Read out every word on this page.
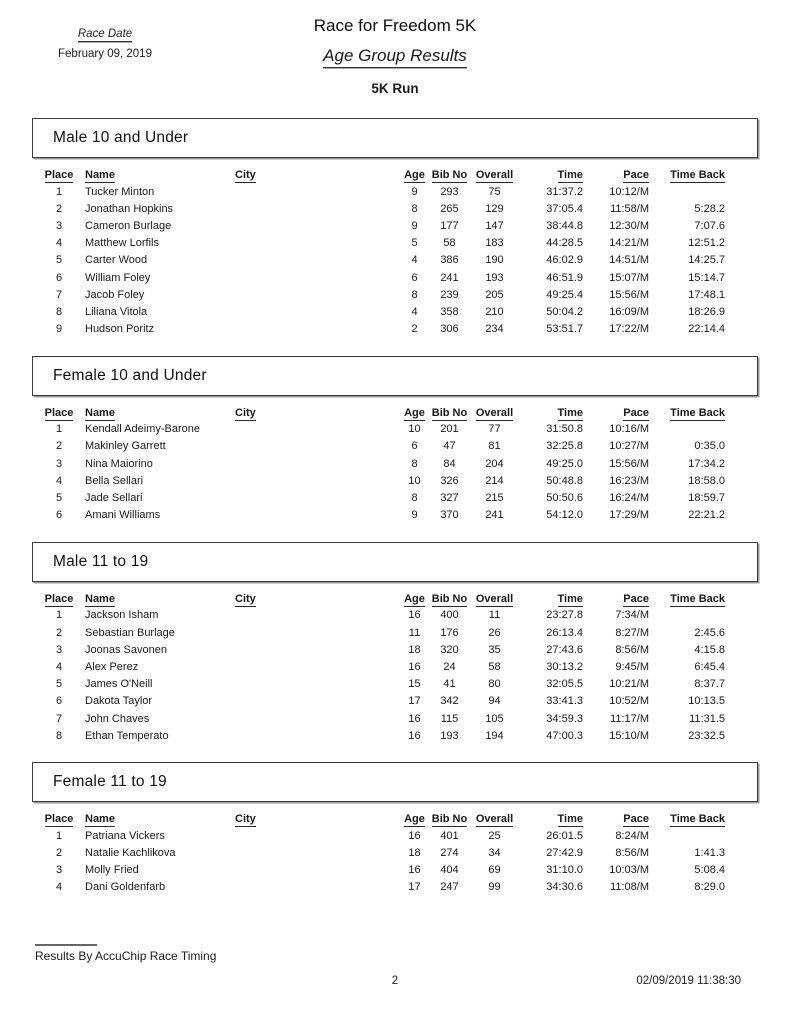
Race Date
February 09, 2019
Race for Freedom 5K
Age Group Results
5K Run
Male 10 and Under
Place	Name	City	Age	Bib No	Overall	Time	Pace	Time Back
1	Tucker Minton		9	293	75	31:37.2	10:12/M	
2	Jonathan Hopkins		8	265	129	37:05.4	11:58/M	5:28.2
3	Cameron Burlage		9	177	147	38:44.8	12:30/M	7:07.6
4	Matthew Lorfils		5	58	183	44:28.5	14:21/M	12:51.2
5	Carter Wood		4	386	190	46:02.9	14:51/M	14:25.7
6	William Foley		6	241	193	46:51.9	15:07/M	15:14.7
7	Jacob Foley		8	239	205	49:25.4	15:56/M	17:48.1
8	Liliana Vitola		4	358	210	50:04.2	16:09/M	18:26.9
9	Hudson Poritz		2	306	234	53:51.7	17:22/M	22:14.4
Female 10 and Under
Place	Name	City	Age	Bib No	Overall	Time	Pace	Time Back
1	Kendall Adeimy-Barone		10	201	77	31:50.8	10:16/M	
2	Makinley Garrett		6	47	81	32:25.8	10:27/M	0:35.0
3	Nina Maiorino		8	84	204	49:25.0	15:56/M	17:34.2
4	Bella Sellari		10	326	214	50:48.8	16:23/M	18:58.0
5	Jade Sellari		8	327	215	50:50.6	16:24/M	18:59.7
6	Amani Williams		9	370	241	54:12.0	17:29/M	22:21.2
Male 11 to 19
Place	Name	City	Age	Bib No	Overall	Time	Pace	Time Back
1	Jackson Isham		16	400	11	23:27.8	7:34/M	
2	Sebastian Burlage		11	176	26	26:13.4	8:27/M	2:45.6
3	Joonas Savonen		18	320	35	27:43.6	8:56/M	4:15.8
4	Alex Perez		16	24	58	30:13.2	9:45/M	6:45.4
5	James O'Neill		15	41	80	32:05.5	10:21/M	8:37.7
6	Dakota Taylor		17	342	94	33:41.3	10:52/M	10:13.5
7	John Chaves		16	115	105	34:59.3	11:17/M	11:31.5
8	Ethan Temperato		16	193	194	47:00.3	15:10/M	23:32.5
Female 11 to 19
Place	Name	City	Age	Bib No	Overall	Time	Pace	Time Back
1	Patriana Vickers		16	401	25	26:01.5	8:24/M	
2	Natalie Kachlikova		18	274	34	27:42.9	8:56/M	1:41.3
3	Molly Fried		16	404	69	31:10.0	10:03/M	5:08.4
4	Dani Goldenfarb		17	247	99	34:30.6	11:08/M	8:29.0
Results By AccuChip Race Timing
2	02/09/2019 11:38:30
